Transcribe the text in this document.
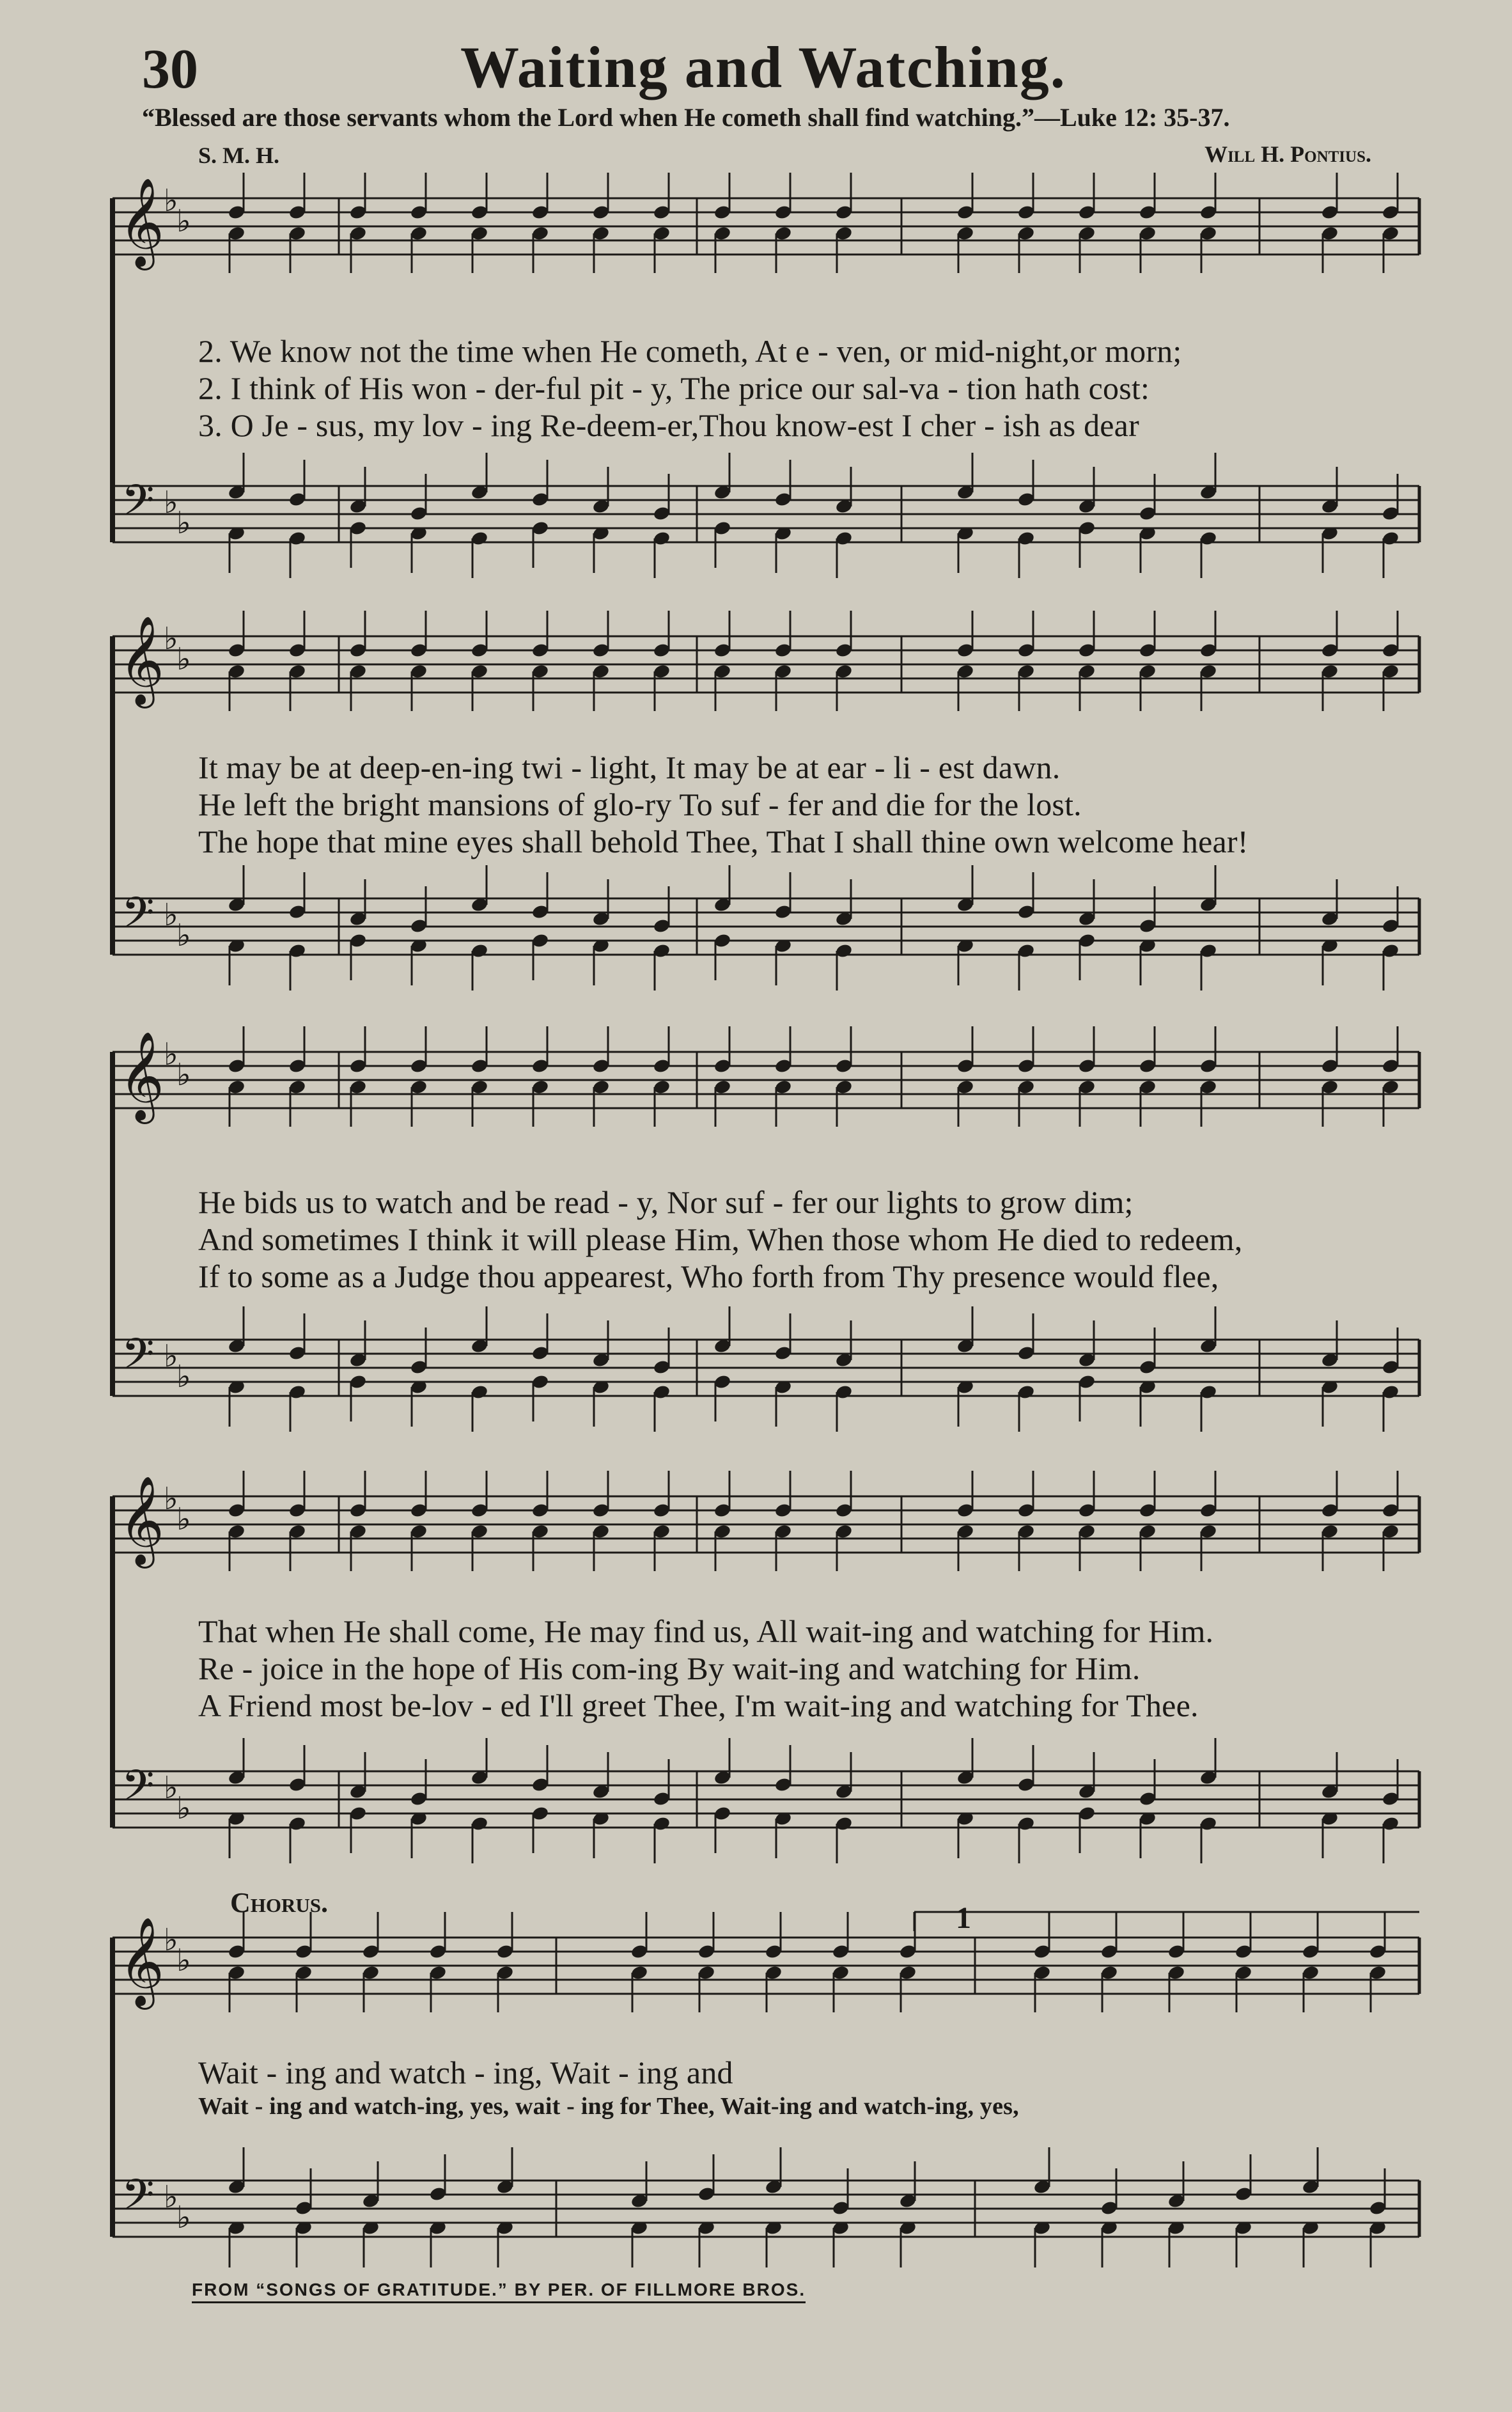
30	Waiting and Watching.
“Blessed are those servants whom the Lord when He cometh shall find watching.”—Luke 12: 35-37.
S. M. H.	Will H. Pontius.
𝄞
𝄢
♭
♭
♭
♭
2. We know not the time when He cometh, At e - ven, or mid-night,or morn;
2. I think of His won - der-ful pit - y, The price our sal-va - tion hath cost:
3. O Je - sus, my lov - ing Re-deem-er,Thou know-est I cher - ish as dear
𝄞
𝄢
♭
♭
♭
♭
It may be at deep-en-ing twi - light, It may be at ear - li - est dawn.
He left the bright mansions of glo-ry To suf - fer and die for the lost.
The hope that mine eyes shall behold Thee, That I shall thine own welcome hear!
𝄞
𝄢
♭
♭
♭
♭
He bids us to watch and be read - y, Nor suf - fer our lights to grow dim;
And sometimes I think it will please Him, When those whom He died to redeem,
If to some as a Judge thou appearest, Who forth from Thy presence would flee,
𝄞
𝄢
♭
♭
♭
♭
That when He shall come, He may find us, All wait-ing and watching for Him.
Re - joice in the hope of His com-ing By wait-ing and watching for Him.
A Friend most be-lov - ed I'll greet Thee, I'm wait-ing and watching for Thee.
Chorus.
𝄞
𝄢
♭
♭
♭
♭
1
Wait - ing and watch - ing, Wait - ing and
Wait - ing and watch-ing, yes, wait - ing for Thee, Wait-ing and watch-ing, yes,
FROM “SONGS OF GRATITUDE.” BY PER. OF FILLMORE BROS.
